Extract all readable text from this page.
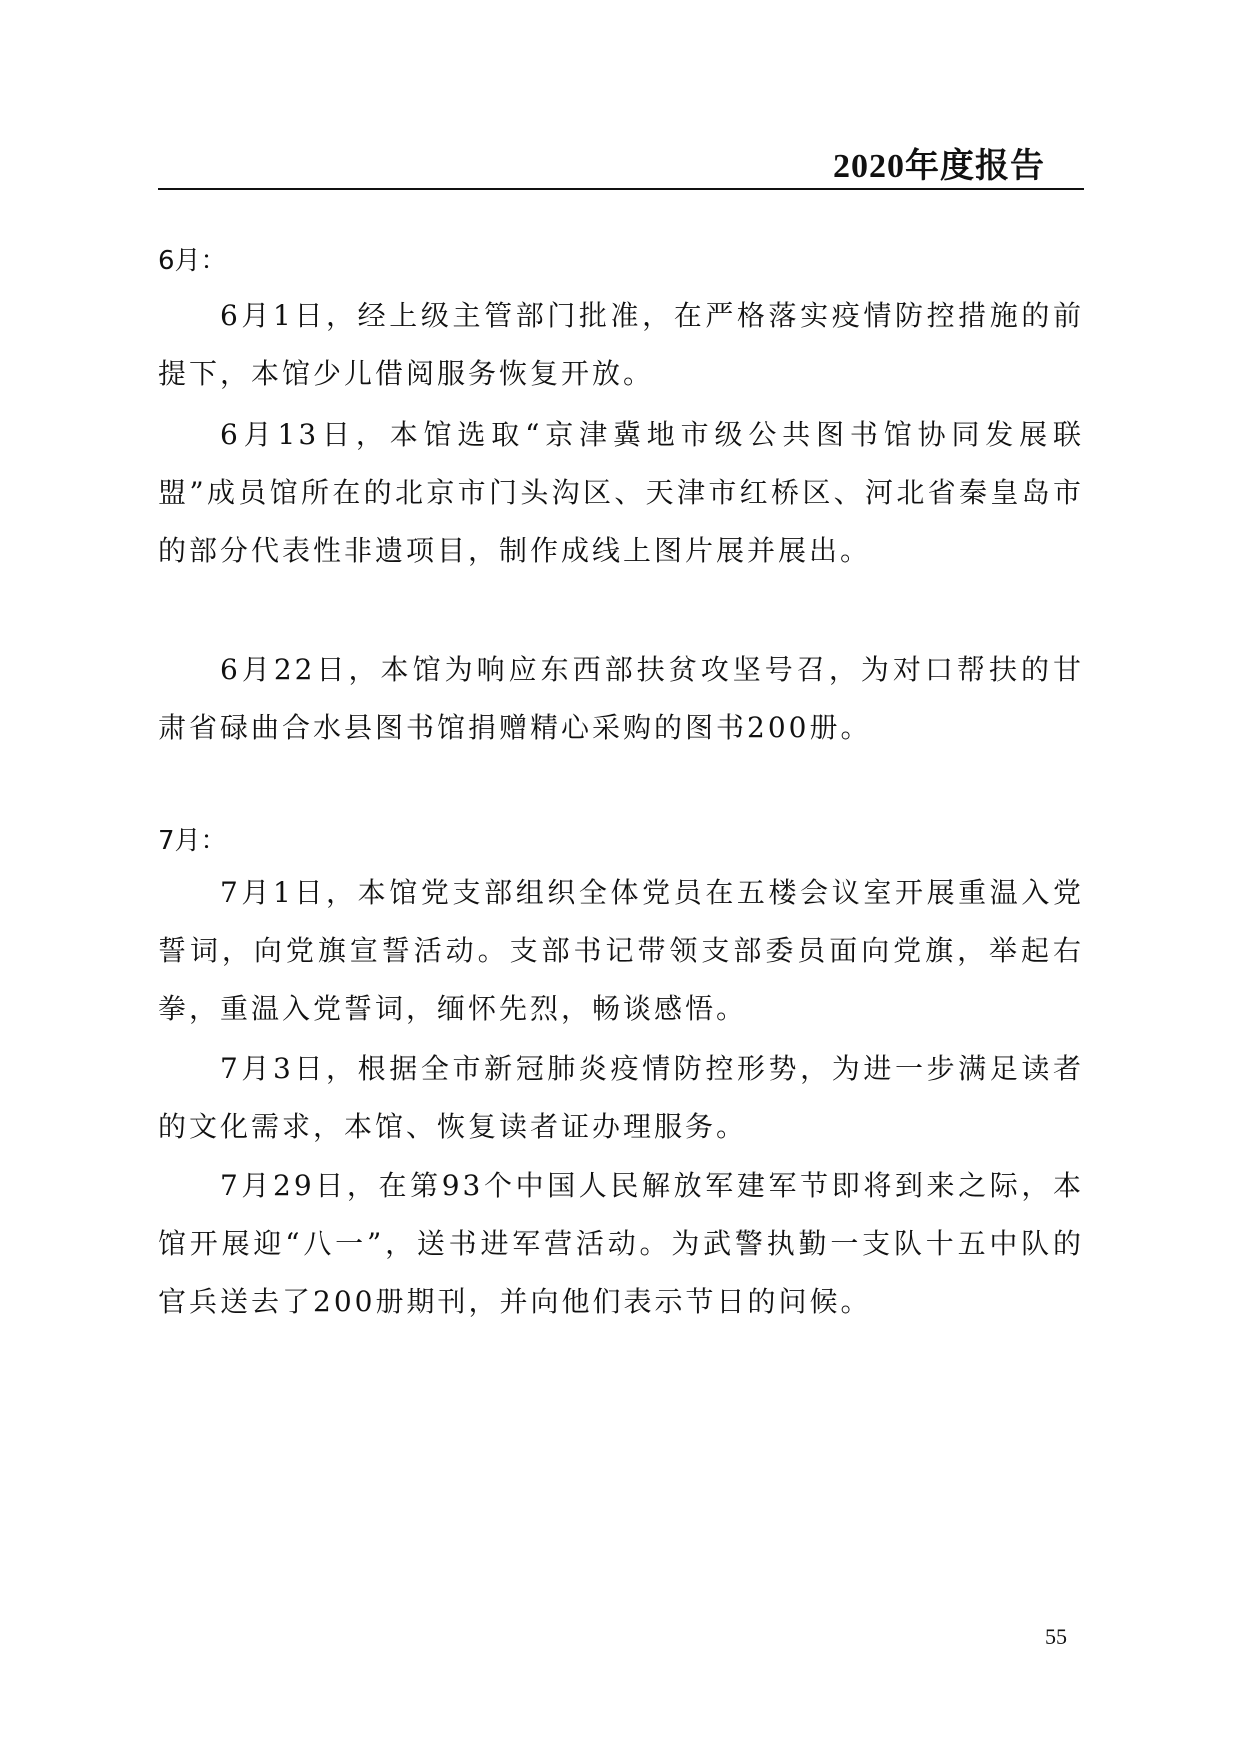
2020年度报告
6月：

6月1日，经上级主管部门批准，在严格落实疫情防控措施的前提下，本馆少儿借阅服务恢复开放。

6月13日，本馆选取“京津冀地市级公共图书馆协同发展联盟”成员馆所在的北京市门头沟区、天津市红桥区、河北省秦皇岛市的部分代表性非遗项目，制作成线上图片展并展出。

6月22日，本馆为响应东西部扶贫攻坚号召，为对口帮扶的甘肃省碌曲合水县图书馆捐赠精心采购的图书200册。

7月：

7月1日，本馆党支部组织全体党员在五楼会议室开展重温入党誓词，向党旗宣誓活动。支部书记带领支部委员面向党旗，举起右拳，重温入党誓词，缅怀先烈，畅谈感悟。

7月3日，根据全市新冠肺炎疫情防控形势，为进一步满足读者的文化需求，本馆、恢复读者证办理服务。

7月29日，在第93个中国人民解放军建军节即将到来之际，本馆开展迎“八一”，送书进军营活动。为武警执勤一支队十五中队的官兵送去了200册期刊，并向他们表示节日的问候。

55
